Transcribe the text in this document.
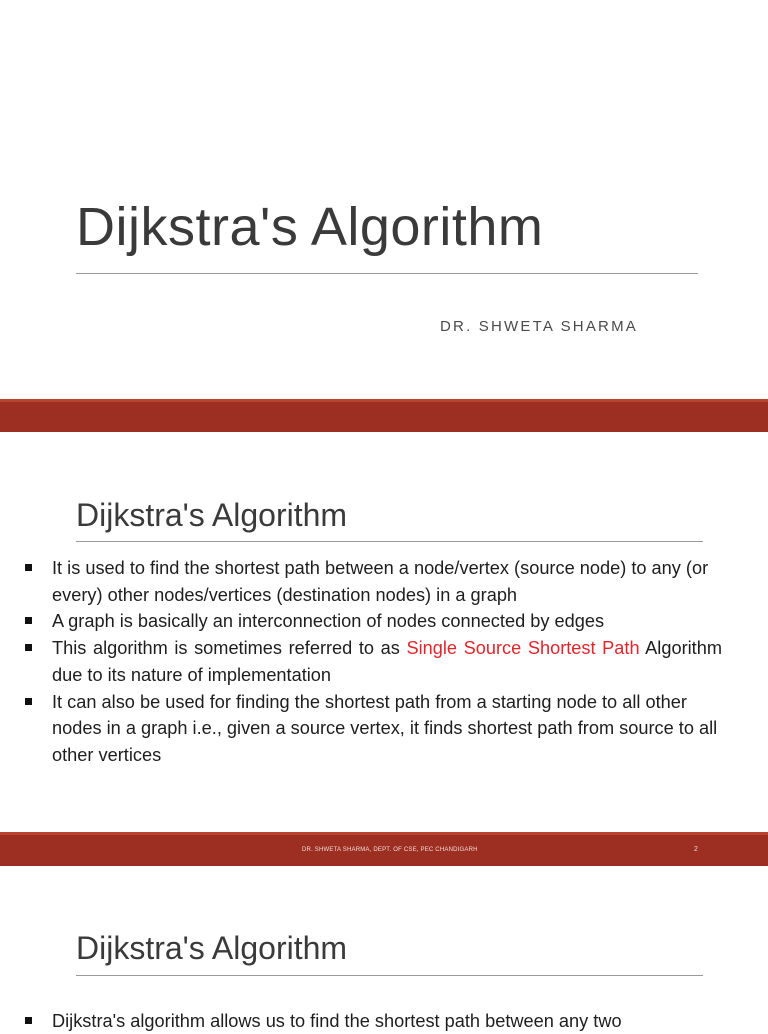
Dijkstra's Algorithm
DR. SHWETA SHARMA
Dijkstra's Algorithm
It is used to find the shortest path between a node/vertex (source node) to any (or every) other nodes/vertices (destination nodes) in a graph
A graph is basically an interconnection of nodes connected by edges
This algorithm is sometimes referred to as Single Source Shortest Path Algorithm due to its nature of implementation
It can also be used for finding the shortest path from a starting node to all other nodes in a graph i.e., given a source vertex, it finds shortest path from source to all other vertices
DR. SHWETA SHARMA, DEPT. OF CSE, PEC CHANDIGARH	2
Dijkstra's Algorithm
Dijkstra's algorithm allows us to find the shortest path between any two
